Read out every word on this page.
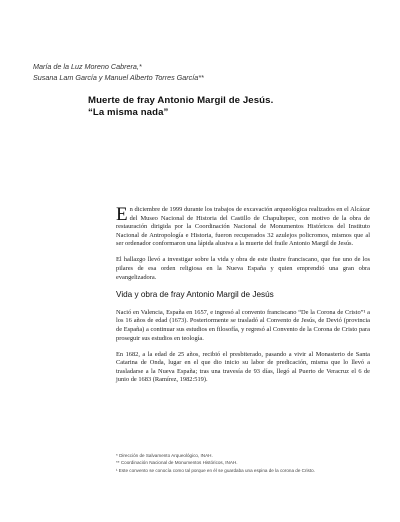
María de la Luz Moreno Cabrera,*
Susana Lam García y Manuel Alberto Torres García**
Muerte de fray Antonio Margil de Jesús.
“La misma nada”

En diciembre de 1999 durante los trabajos de excavación arqueológica realizados en el Alcázar del Museo Nacional de Historia del Castillo de Chapultepec, con motivo de la obra de restauración dirigida por la Coordinación Nacional de Monumentos Históricos del Instituto Nacional de Antropología e Historia, fueron recuperados 32 azulejos policromos, mismos que al ser ordenador conformaron una lápida alusiva a la muerte del fraile Antonio Margil de Jesús.

El hallazgo llevó a investigar sobre la vida y obra de este ilustre franciscano, que fue uno de los pilares de esa orden religiosa en la Nueva España y quien emprendió una gran obra evangelizadora.

Vida y obra de fray Antonio Margil de Jesús

Nació en Valencia, España en 1657, e ingresó al convento franciscano “De la Corona de Cristo”¹ a los 16 años de edad (1673). Posteriormente se trasladó al Convento de Jesús, de Devió (provincia de España) a continuar sus estudios en filosofía, y regresó al Convento de la Corona de Cristo para proseguir sus estudios en teología.

En 1682, a la edad de 25 años, recibió el presbiterado, pasando a vivir al Monasterio de Santa Catarina de Onda, lugar en el que dio inicio su labor de predicación, misma que lo llevó a trasladarse a la Nueva España; tras una travesía de 93 días, llegó al Puerto de Veracruz el 6 de junio de 1683 (Ramírez, 1982:519).

* Dirección de Salvamento Arqueológico, INAH.
** Coordinación Nacional de Monumentos Históricos, INAH.
¹ Este convento se conocía como tal porque en él se guardaba una espina de la corona de Cristo.
